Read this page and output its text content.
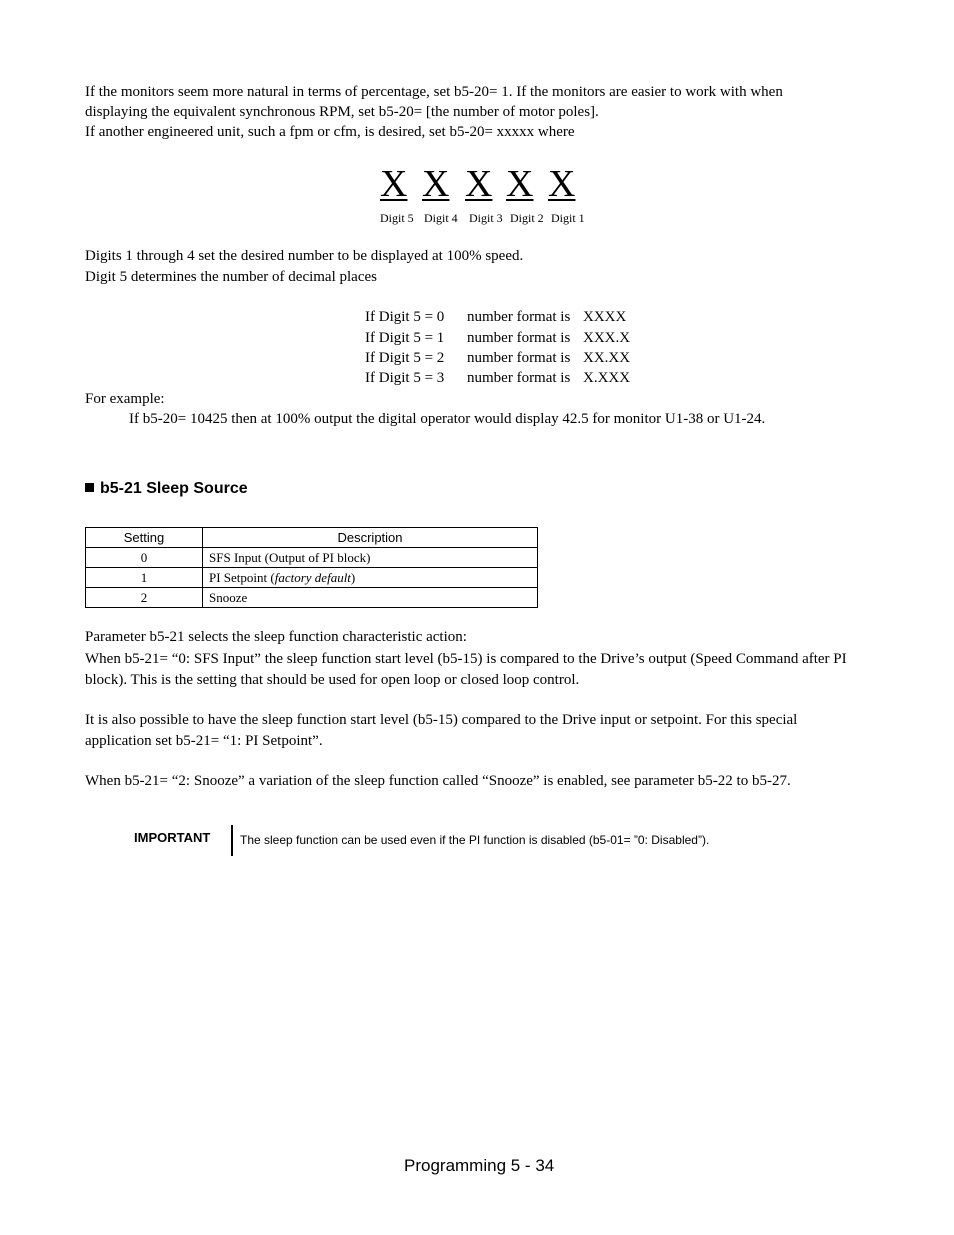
If the monitors seem more natural in terms of percentage, set b5-20= 1. If the monitors are easier to work with when
displaying the equivalent synchronous RPM, set b5-20= [the number of motor poles].
If another engineered unit, such a fpm or cfm, is desired, set b5-20= xxxxx where
X X X X X
Digit 5 Digit 4 Digit 3 Digit 2 Digit 1
Digits 1 through 4 set the desired number to be displayed at 100% speed.
Digit 5 determines the number of decimal places
If Digit 5 = 0 number format is XXXX
If Digit 5 = 1 number format is XXX.X
If Digit 5 = 2 number format is XX.XX
If Digit 5 = 3 number format is X.XXX
For example:
If b5-20= 10425 then at 100% output the digital operator would display 42.5 for monitor U1-38 or U1-24.
b5-21 Sleep Source
Setting	Description
0	SFS Input (Output of PI block)
1	PI Setpoint (factory default)
2	Snooze
Parameter b5-21 selects the sleep function characteristic action:
When b5-21= “0: SFS Input” the sleep function start level (b5-15) is compared to the Drive’s output (Speed Command after PI
block). This is the setting that should be used for open loop or closed loop control.
It is also possible to have the sleep function start level (b5-15) compared to the Drive input or setpoint. For this special
application set b5-21= “1: PI Setpoint”.
When b5-21= “2: Snooze” a variation of the sleep function called “Snooze” is enabled, see parameter b5-22 to b5-27.
IMPORTANT The sleep function can be used even if the PI function is disabled (b5-01= ”0: Disabled”).
Programming 5 - 34
